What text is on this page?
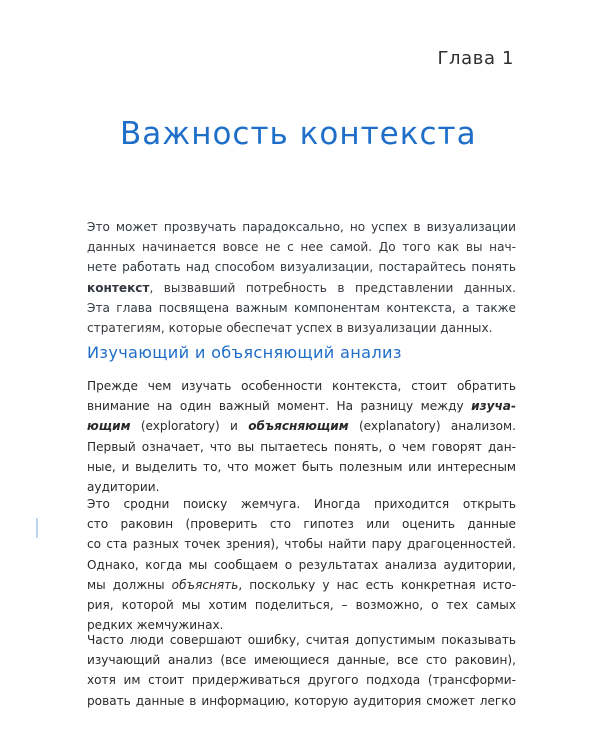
Глава 1
Важность контекста
Это может прозвучать парадоксально, но успех в визуализации
данных начинается вовсе не с нее самой. До того как вы нач-
нете работать над способом визуализации, постарайтесь понять
контекст, вызвавший потребность в представлении данных.
Эта глава посвящена важным компонентам контекста, а также
стратегиям, которые обеспечат успех в визуализации данных.
Изучающий и объясняющий анализ
Прежде чем изучать особенности контекста, стоит обратить
внимание на один важный момент. На разницу между изуча-
ющим (exploratory) и объясняющим (explanatory) анализом.
Первый означает, что вы пытаетесь понять, о чем говорят дан-
ные, и выделить то, что может быть полезным или интересным
аудитории.
Это сродни поиску жемчуга. Иногда приходится открыть
сто раковин (проверить сто гипотез или оценить данные
со ста разных точек зрения), чтобы найти пару драгоценностей.
Однако, когда мы сообщаем о результатах анализа аудитории,
мы должны объяснять, поскольку у нас есть конкретная исто-
рия, которой мы хотим поделиться, – возможно, о тех самых
редких жемчужинах.
Часто люди совершают ошибку, считая допустимым показывать
изучающий анализ (все имеющиеся данные, все сто раковин),
хотя им стоит придерживаться другого подхода (трансформи-
ровать данные в информацию, которую аудитория сможет легко
